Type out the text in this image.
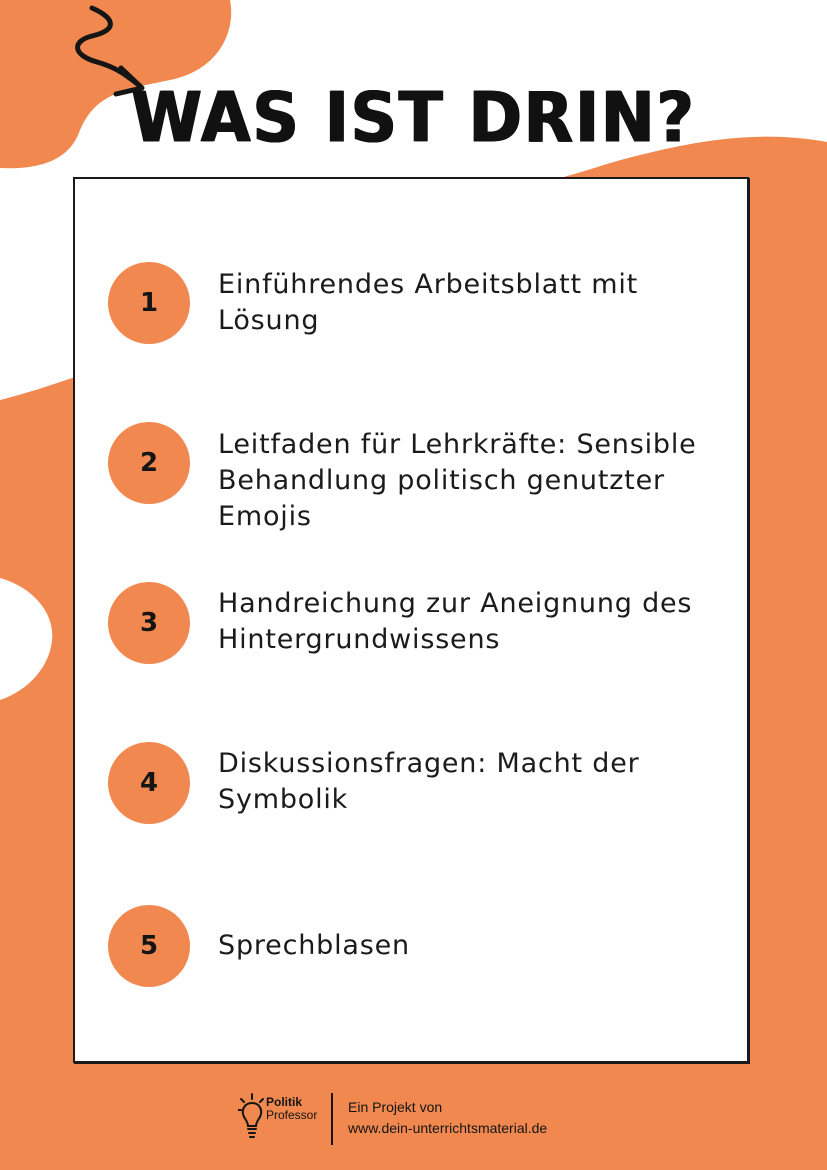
WAS IST DRIN?
1
Einführendes Arbeitsblatt mit Lösung
2
Leitfaden für Lehrkräfte: Sensible Behandlung politisch genutzter Emojis
3
Handreichung zur Aneignung des Hintergrundwissens
4
Diskussionsfragen: Macht der Symbolik
5	Sprechblasen
Politik
Professor Ein Projekt von
www.dein-unterrichtsmaterial.de
